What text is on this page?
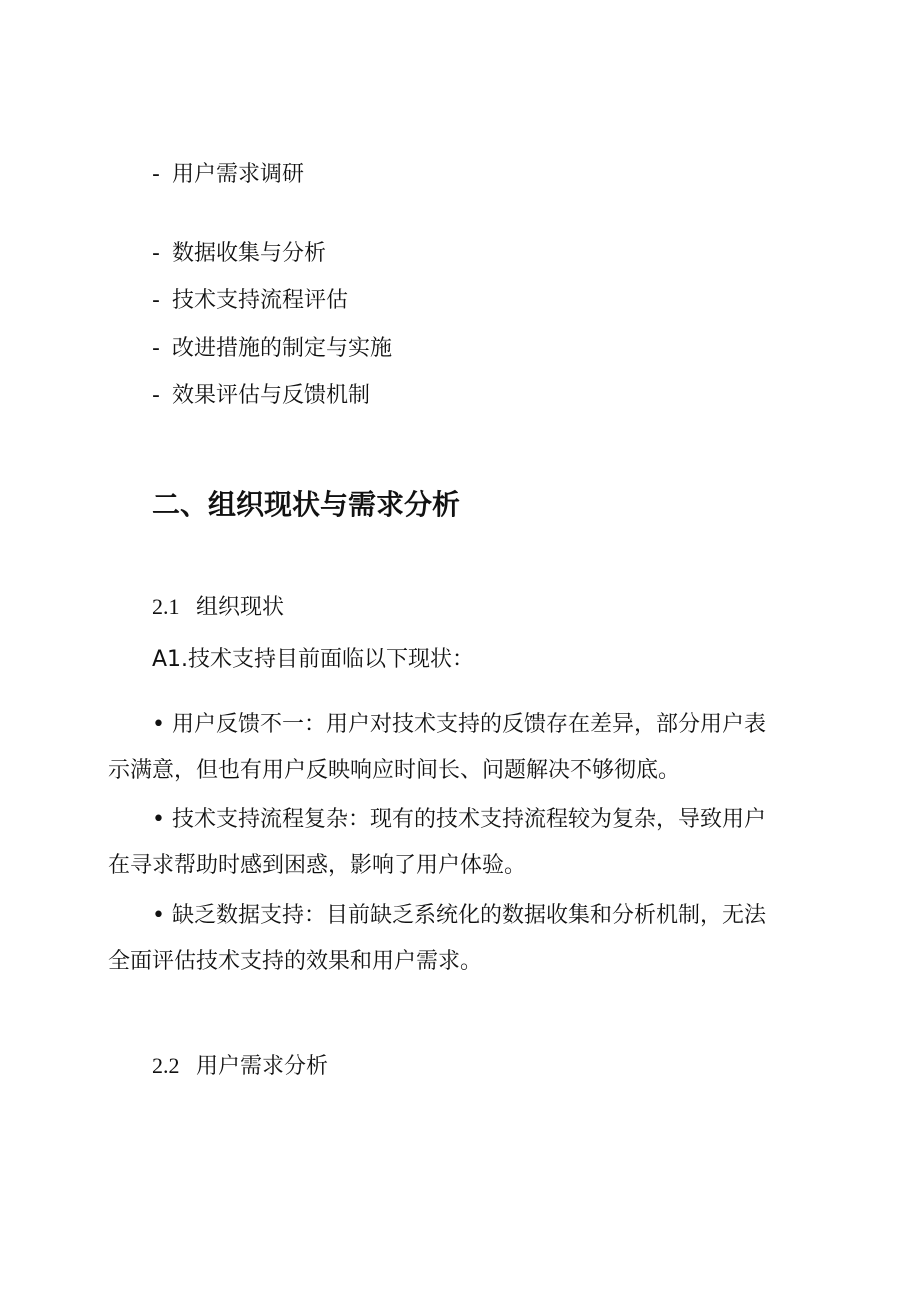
- 用户需求调研
- 数据收集与分析
- 技术支持流程评估
- 改进措施的制定与实施
- 效果评估与反馈机制
二、组织现状与需求分析
2.1 组织现状
A1.技术支持目前面临以下现状：
• 用户反馈不一：用户对技术支持的反馈存在差异，部分用户表
示满意，但也有用户反映响应时间长、问题解决不够彻底。
• 技术支持流程复杂：现有的技术支持流程较为复杂，导致用户
在寻求帮助时感到困惑，影响了用户体验。
• 缺乏数据支持：目前缺乏系统化的数据收集和分析机制，无法
全面评估技术支持的效果和用户需求。
2.2 用户需求分析
